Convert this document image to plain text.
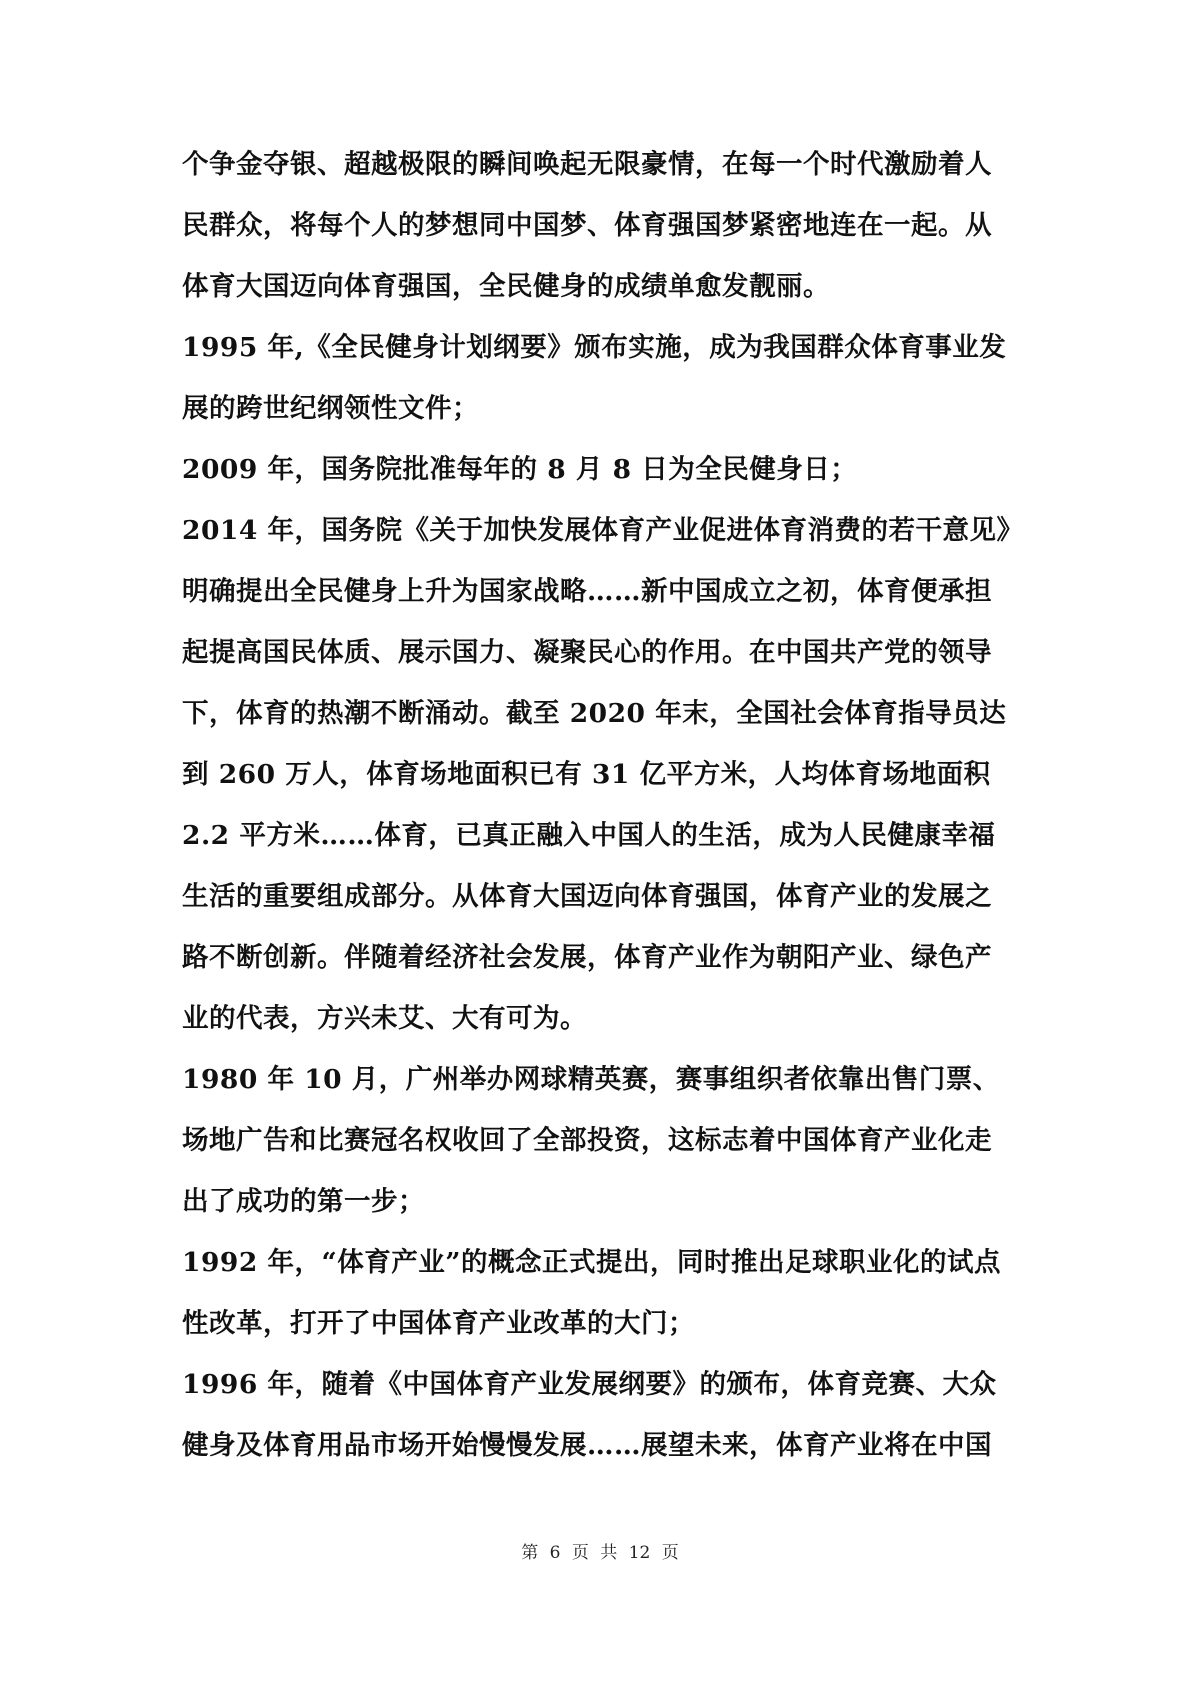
个争金夺银、超越极限的瞬间唤起无限豪情，在每一个时代激励着人
民群众，将每个人的梦想同中国梦、体育强国梦紧密地连在一起。从
体育大国迈向体育强国，全民健身的成绩单愈发靓丽。
1995 年,《全民健身计划纲要》颁布实施，成为我国群众体育事业发
展的跨世纪纲领性文件；
2009 年，国务院批准每年的 8 月 8 日为全民健身日；
2014 年，国务院《关于加快发展体育产业促进体育消费的若干意见》
明确提出全民健身上升为国家战略……新中国成立之初，体育便承担
起提高国民体质、展示国力、凝聚民心的作用。在中国共产党的领导
下，体育的热潮不断涌动。截至 2020 年末，全国社会体育指导员达
到 260 万人，体育场地面积已有 31 亿平方米，人均体育场地面积
2.2 平方米……体育，已真正融入中国人的生活，成为人民健康幸福
生活的重要组成部分。从体育大国迈向体育强国，体育产业的发展之
路不断创新。伴随着经济社会发展，体育产业作为朝阳产业、绿色产
业的代表，方兴未艾、大有可为。
1980 年 10 月，广州举办网球精英赛，赛事组织者依靠出售门票、
场地广告和比赛冠名权收回了全部投资，这标志着中国体育产业化走
出了成功的第一步；
1992 年，“体育产业”的概念正式提出，同时推出足球职业化的试点
性改革，打开了中国体育产业改革的大门；
1996 年，随着《中国体育产业发展纲要》的颁布，体育竞赛、大众
健身及体育用品市场开始慢慢发展……展望未来，体育产业将在中国
第 6 页 共 12 页
